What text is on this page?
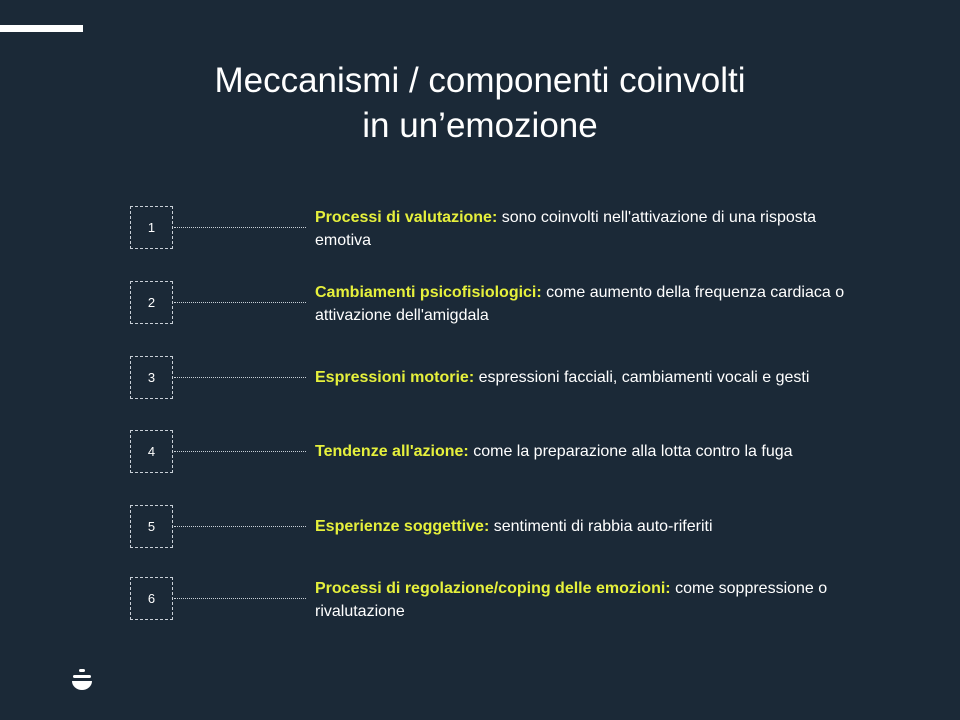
Meccanismi / componenti coinvolti
in un’emozione
1
Processi di valutazione: sono coinvolti nell'attivazione di una risposta emotiva
2
Cambiamenti psicofisiologici: come aumento della frequenza cardiaca o attivazione dell'amigdala
3	Espressioni motorie: espressioni facciali, cambiamenti vocali e gesti
4	Tendenze all'azione: come la preparazione alla lotta contro la fuga
5	Esperienze soggettive: sentimenti di rabbia auto-riferiti
6
Processi di regolazione/coping delle emozioni: come soppressione o rivalutazione
